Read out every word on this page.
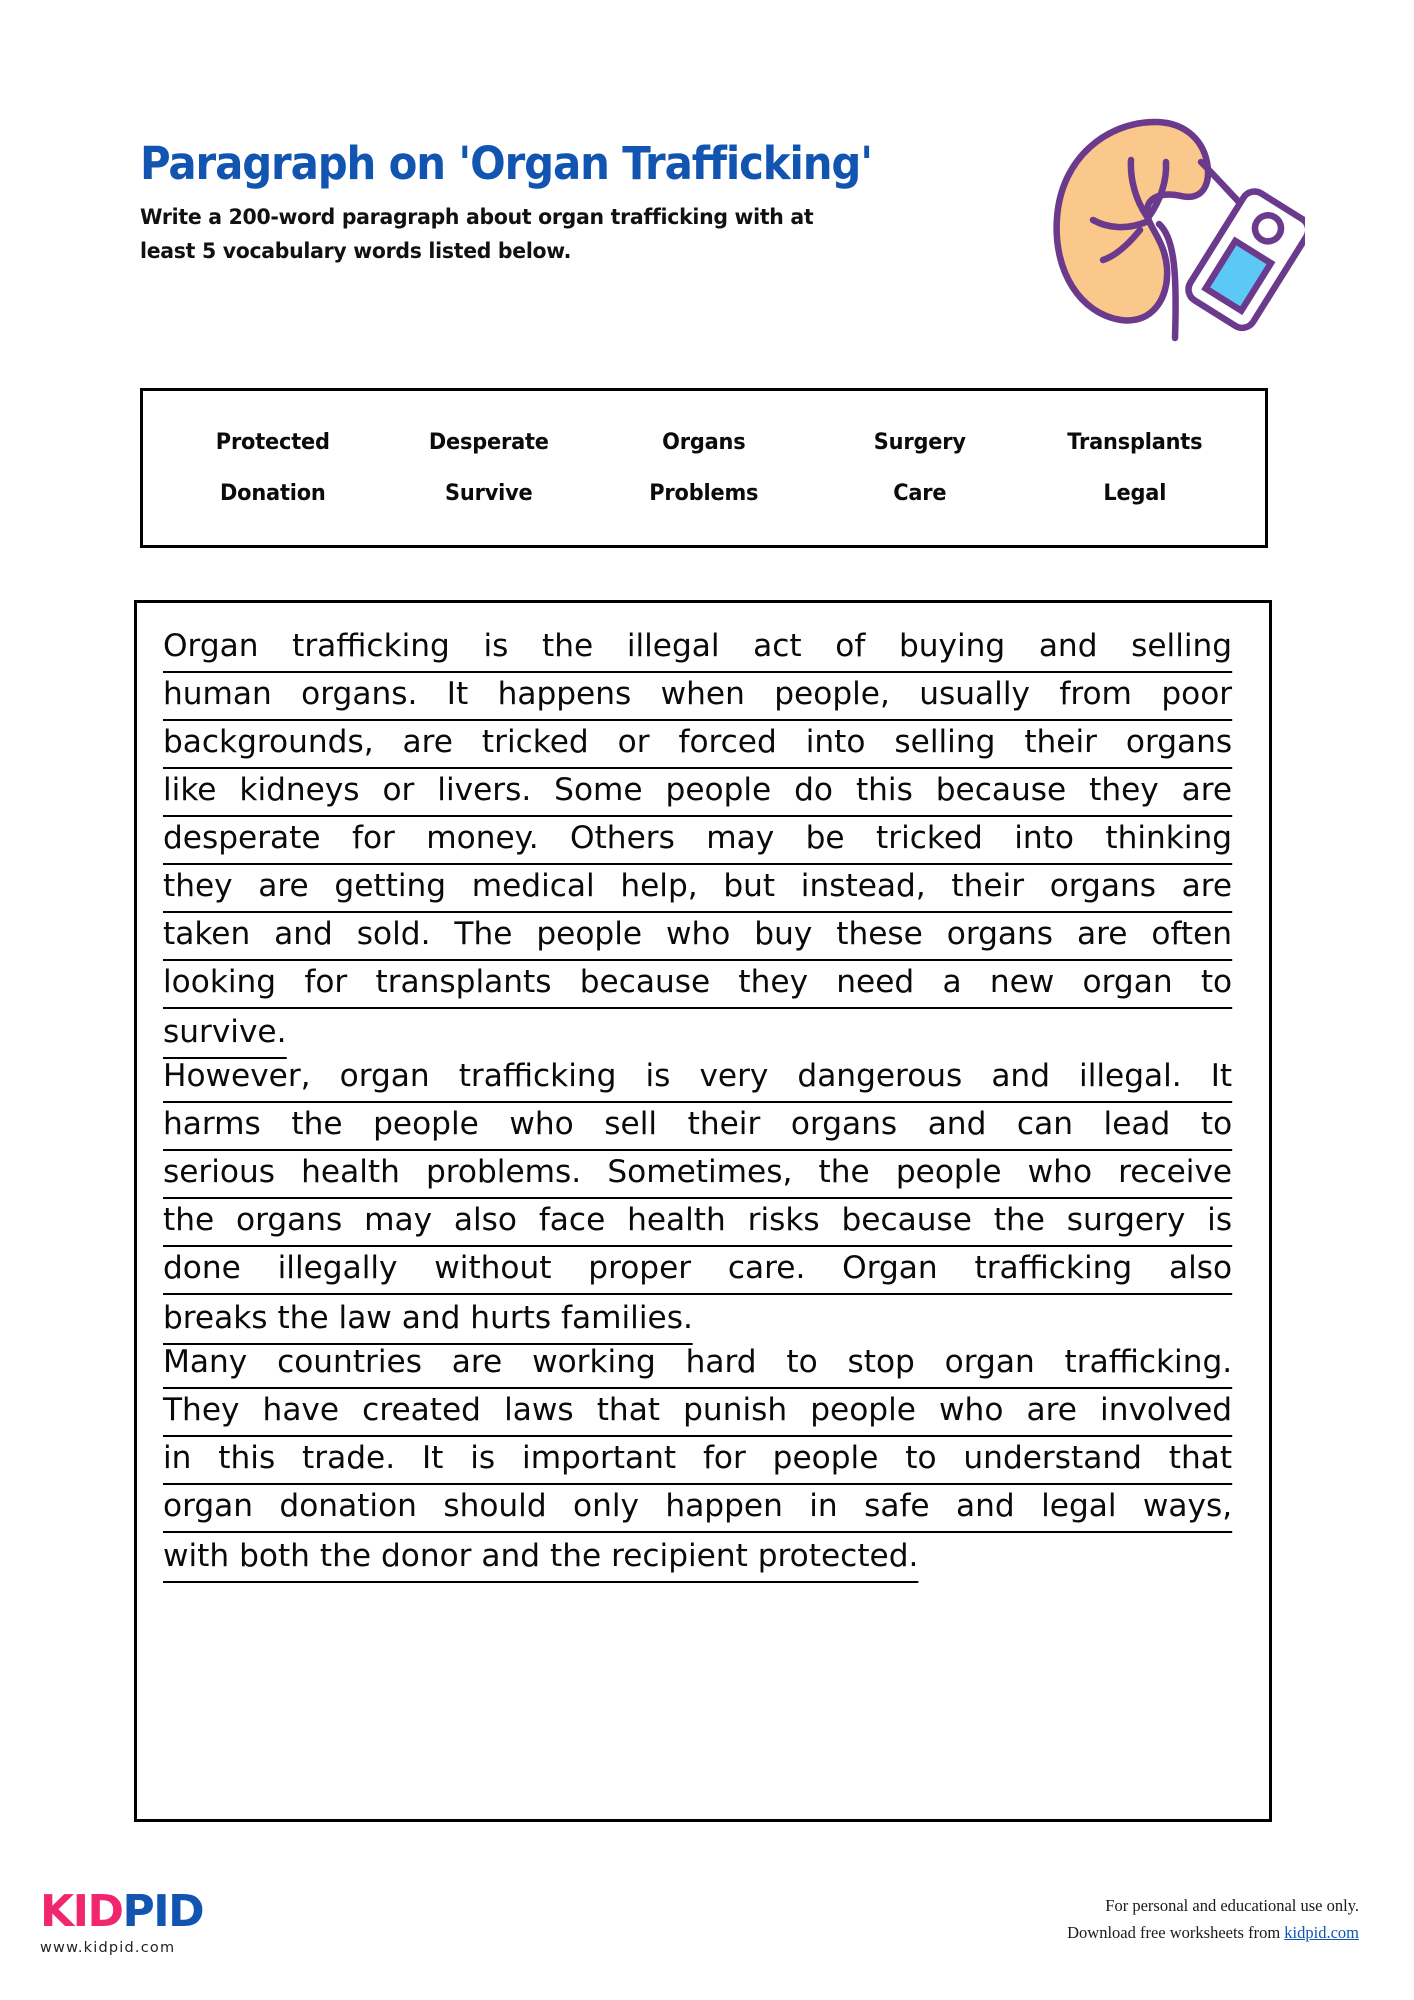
Paragraph on 'Organ Trafficking'

Write a 200-word paragraph about organ trafficking with at least 5 vocabulary words listed below.

Protected	Desperate	Organs	Surgery	Transplants
Donation	Survive	Problems	Care	Legal
Organ trafficking is the illegal act of buying and selling
human organs. It happens when people, usually from poor
backgrounds, are tricked or forced into selling their organs
like kidneys or livers. Some people do this because they are
desperate for money. Others may be tricked into thinking
they are getting medical help, but instead, their organs are
taken and sold. The people who buy these organs are often
looking for transplants because they need a new organ to
survive.
However, organ trafficking is very dangerous and illegal. It
harms the people who sell their organs and can lead to
serious health problems. Sometimes, the people who receive
the organs may also face health risks because the surgery is
done illegally without proper care. Organ trafficking also
breaks the law and hurts families.
Many countries are working hard to stop organ trafficking.
They have created laws that punish people who are involved
in this trade. It is important for people to understand that
organ donation should only happen in safe and legal ways,
with both the donor and the recipient protected.
KIDPID
www.kidpid.com
For personal and educational use only.
Download free worksheets from kidpid.com
